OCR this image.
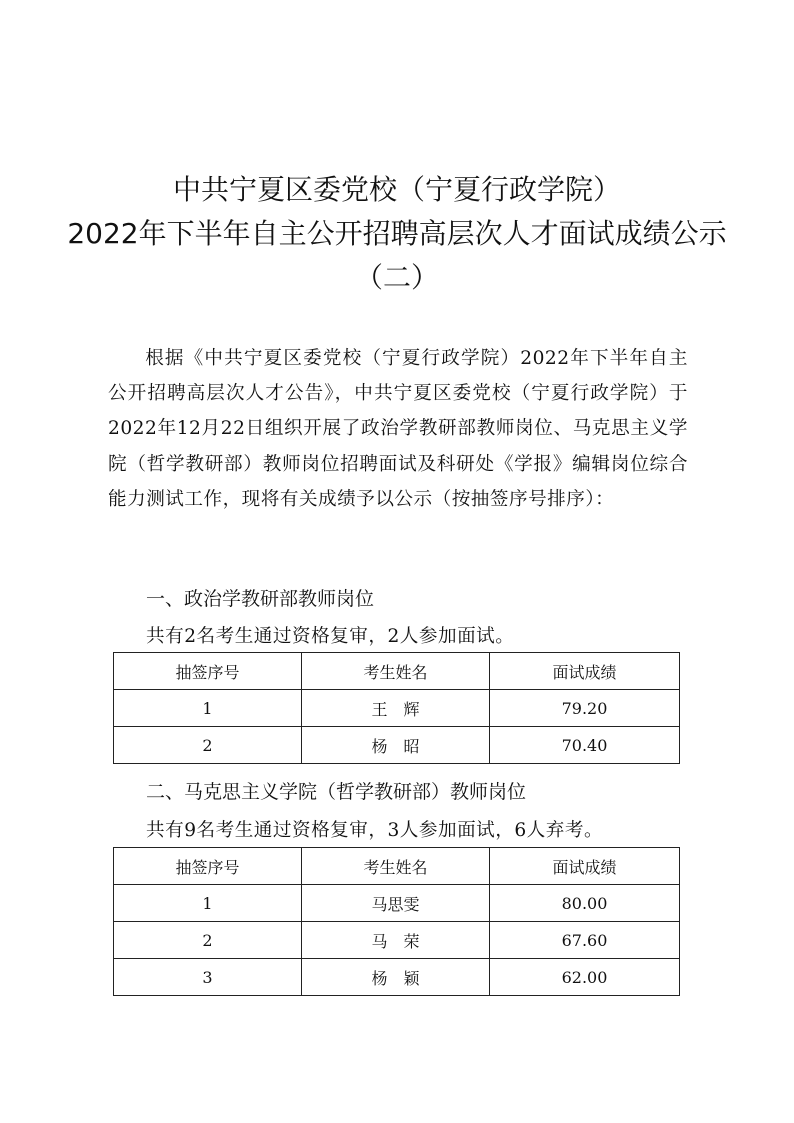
中共宁夏区委党校（宁夏行政学院）
2022年下半年自主公开招聘高层次人才面试成绩公示
（二）
根据《中共宁夏区委党校（宁夏行政学院）2022年下半年自主公开招聘高层次人才公告》，中共宁夏区委党校（宁夏行政学院）于2022年12月22日组织开展了政治学教研部教师岗位、马克思主义学院（哲学教研部）教师岗位招聘面试及科研处《学报》编辑岗位综合能力测试工作，现将有关成绩予以公示（按抽签序号排序）：
一、政治学教研部教师岗位
共有2名考生通过资格复审，2人参加面试。
抽签序号	考生姓名	面试成绩
1	王　辉	79.20
2	杨　昭	70.40
二、马克思主义学院（哲学教研部）教师岗位
共有9名考生通过资格复审，3人参加面试，6人弃考。
抽签序号	考生姓名	面试成绩
1	马思雯	80.00
2	马　荣	67.60
3	杨　颖	62.00
